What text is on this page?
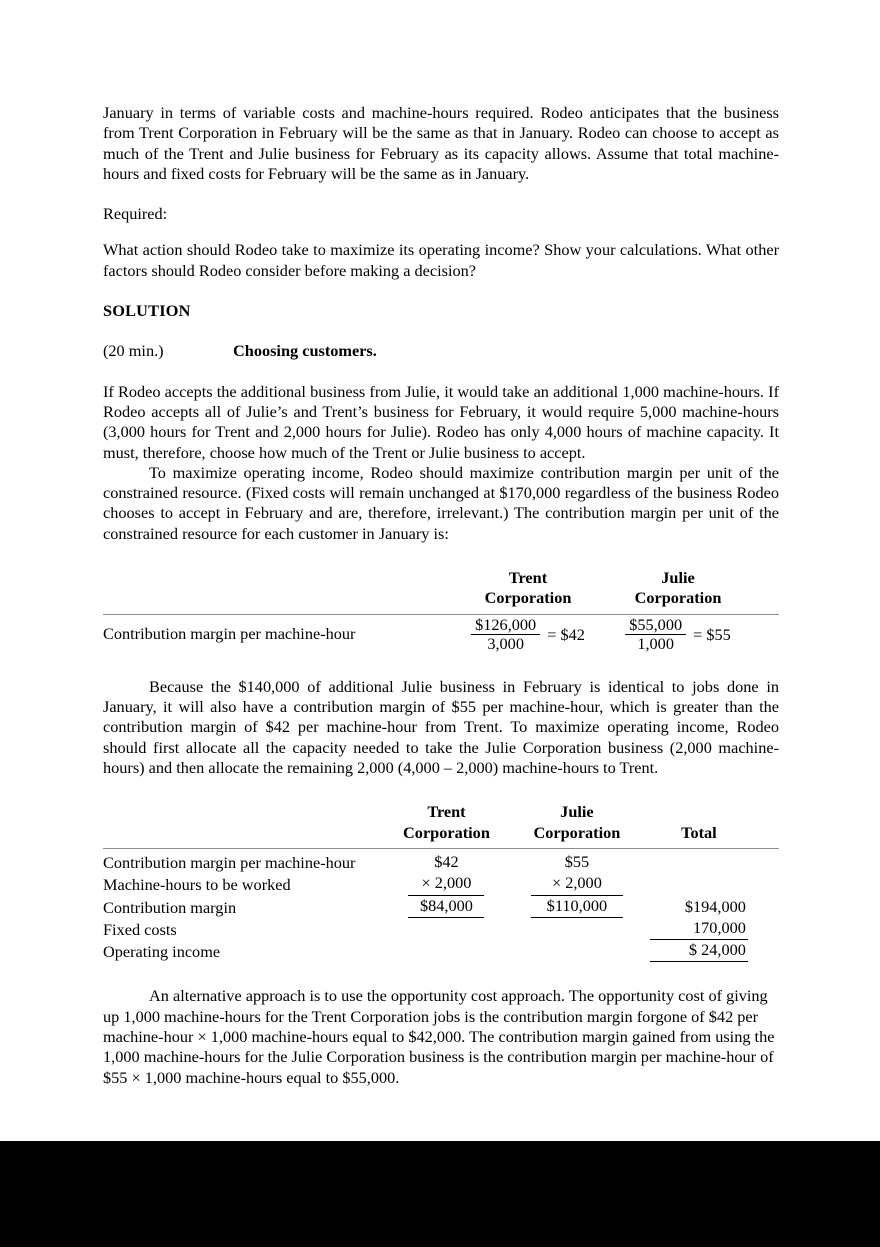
January in terms of variable costs and machine-hours required. Rodeo anticipates that the business from Trent Corporation in February will be the same as that in January. Rodeo can choose to accept as much of the Trent and Julie business for February as its capacity allows. Assume that total machine-hours and fixed costs for February will be the same as in January.

Required:

What action should Rodeo take to maximize its operating income? Show your calculations. What other factors should Rodeo consider before making a decision?

SOLUTION
(20 min.)	Choosing customers.

If Rodeo accepts the additional business from Julie, it would take an additional 1,000 machine-hours. If Rodeo accepts all of Julie’s and Trent’s business for February, it would require 5,000 machine-hours (3,000 hours for Trent and 2,000 hours for Julie). Rodeo has only 4,000 hours of machine capacity. It must, therefore, choose how much of the Trent or Julie business to accept.

To maximize operating income, Rodeo should maximize contribution margin per unit of the constrained resource. (Fixed costs will remain unchanged at $170,000 regardless of the business Rodeo chooses to accept in February and are, therefore, irrelevant.) The contribution margin per unit of the constrained resource for each customer in January is:

	Trent	Julie	
	Corporation	Corporation	

Contribution margin per machine-hour	$\frac{\$126,000}{3,000}$ = $42	$\frac{\$55,000}{1,000}$ = $55	

Because the $140,000 of additional Julie business in February is identical to jobs done in January, it will also have a contribution margin of $55 per machine-hour, which is greater than the contribution margin of $42 per machine-hour from Trent. To maximize operating income, Rodeo should first allocate all the capacity needed to take the Julie Corporation business (2,000 machine-hours) and then allocate the remaining 2,000 (4,000 – 2,000) machine-hours to Trent.

	Trent	Julie		
	Corporation	Corporation	Total	

Contribution margin per machine-hour	$42	$55		
Machine-hours to be worked	× 2,000	× 2,000		
Contribution margin	$84,000	$110,000	$194,000	
Fixed costs			170,000	
Operating income			$ 24,000	

An alternative approach is to use the opportunity cost approach. The opportunity cost of giving up 1,000 machine-hours for the Trent Corporation jobs is the contribution margin forgone of $42 per machine-hour × 1,000 machine-hours equal to $42,000. The contribution margin gained from using the 1,000 machine-hours for the Julie Corporation business is the contribution margin per machine-hour of $55 × 1,000 machine-hours equal to $55,000.
